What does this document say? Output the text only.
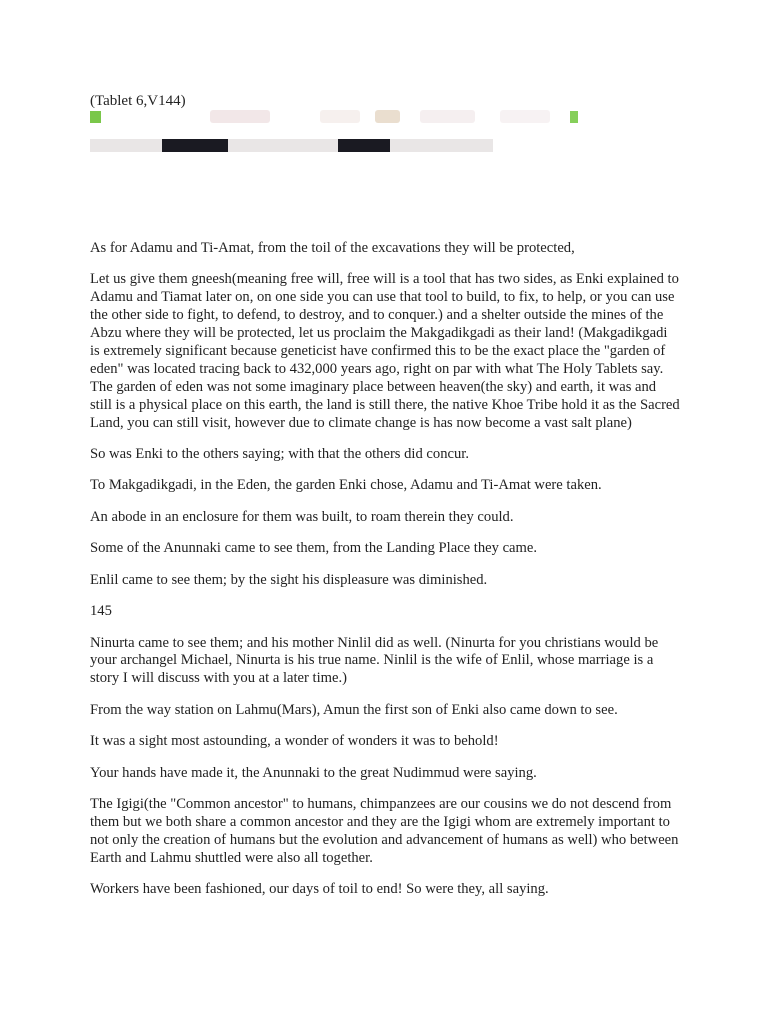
(Tablet 6,V144)

As for Adamu and Ti-Amat, from the toil of the excavations they will be protected,

Let us give them gneesh(meaning free will, free will is a tool that has two sides, as Enki explained to Adamu and Tiamat later on, on one side you can use that tool to build, to fix, to help, or you can use the other side to fight, to defend, to destroy, and to conquer.) and a shelter outside the mines of the Abzu where they will be protected, let us proclaim the Makgadikgadi as their land! (Makgadikgadi is extremely significant because geneticist have confirmed this to be the exact place the "garden of eden" was located tracing back to 432,000 years ago, right on par with what The Holy Tablets say. The garden of eden was not some imaginary place between heaven(the sky) and earth, it was and still is a physical place on this earth, the land is still there, the native Khoe Tribe hold it as the Sacred Land, you can still visit, however due to climate change is has now become a vast salt plane)

So was Enki to the others saying; with that the others did concur.

To Makgadikgadi, in the Eden, the garden Enki chose, Adamu and Ti-Amat were taken.

An abode in an enclosure for them was built, to roam therein they could.

Some of the Anunnaki came to see them, from the Landing Place they came.

Enlil came to see them; by the sight his displeasure was diminished.

145

Ninurta came to see them; and his mother Ninlil did as well. (Ninurta for you christians would be your archangel Michael, Ninurta is his true name. Ninlil is the wife of Enlil, whose marriage is a story I will discuss with you at a later time.)

From the way station on Lahmu(Mars), Amun the first son of Enki also came down to see.

It was a sight most astounding, a wonder of wonders it was to behold!

Your hands have made it, the Anunnaki to the great Nudimmud were saying.

The Igigi(the "Common ancestor" to humans, chimpanzees are our cousins we do not descend from them but we both share a common ancestor and they are the Igigi whom are extremely important to not only the creation of humans but the evolution and advancement of humans as well) who between Earth and Lahmu shuttled were also all together.

Workers have been fashioned, our days of toil to end! So were they, all saying.
